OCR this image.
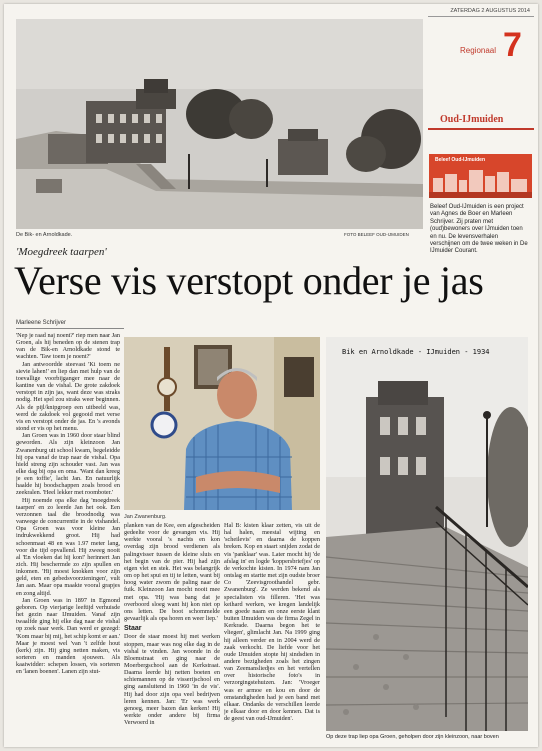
De Bik- en Arnoldkade.	FOTO BELEEF OUD-IJMUIDEN
ZATERDAG 2 AUGUSTUS 2014
Regionaal 7
Oud-IJmuiden
Beleef Oud-IJmuiden
Beleef Oud-IJmuiden is een project van Agnes de Boer en Marleen Schrijver. Zij praten met (oud)bewoners over IJmuiden toen en nu. De levensverhalen verschijnen om de twee weken in De IJmuider Courant.
'Moegdreek taarpen'
Verse vis verstopt onder je jas
Marleene Schrijver

'Nep je raad naj noent?' riep men naar Jan Groen, als hij beneden op de stenen trap van de Bik-en Arnoldkade stond te wachten. 'Taw toem je noent?'

Jan antwoordde steevast 'Ki toem ne sievie lahen!' en liep dan met hulp van de toevallige voorbijganger mee naar de kantine van de vishal. De grote zakdoek verstopt in zijn jas, want deze was straks nodig. Het spel zou straks weer beginnen. Als de pijl/knipgroep een uitbeeld was, werd de zakdoek vol gegooid met verse vis en verstopt onder de jas. En 's avonds stond er vis op het menu.

Jan Groen was in 1960 door staar blind geworden. Als zijn kleinzoon Jan Zwanenburg uit school kwam, begeleidde hij opa vanaf de trap naar de vishal. Opa hield streng zijn schouder vast. Jan was elke dag bij opa en oma. 'Want dan kreeg je een toffie', lacht Jan. En natuurlijk haalde hij boodschappen zoals brood en zeekralen. 'Heel lekker met roomboter.'

Hij noemde opa elke dag 'moegdreek taarpen' en zo leerde Jan het ook. Een verzonnen taal die broodnodig was vanwege de concurrentie in de vishandel. Opa Groen was voor kleine Jan indrukwekkend groot. Hij had schoenmaat 48 en was 1.97 meter lang, voor die tijd opvallend. Hij zweeg nooit al 'En vloeken dat hij kon!' herinnert Jan zich. Hij beschermde zo zijn spullen en inkomen. 'Hij moest knokken voor zijn geld, eten en gebedsvoorzieningen', vult Jan aan. Maar opa maakte vooral grapjes en zong altijd.

Jan Groen was in 1897 in Egmond geboren. Op vierjarige leeftijd verhuisde het gezin naar IJmuiden. Vanaf zijn twaalfde ging hij elke dag naar de vishal op zoek naar werk. Dan werd er gezegd: 'Kom maar bij mij, het schip komt er aan.' Maar je moest wel 'van 't zelfde hout (kerk) zijn. Hij ging netten maken, vis sorteren en manden sjouwen. Als kaaiwidder: schepen lossen, vis sorteren en 'lanen boenen'. Lanen zijn stut-

Jan Zwanenburg.

planken van de Kee, een afgescheiden gedeelte voor de gevangen vis. Hij werkte vooral 's nachts en kon overdag zijn brood verdienen als palingvisser tussen de kleine sluis en het begin van de pier. Hij had zijn eigen vlet en stek. Het was belangrijk om op het spui en tij te letten, want bij hoog water zwom de paling naar de fuik. Kleinzoon Jan mocht nooit mee met opa. 'Hij was bang dat je overboord sloeg want hij kon niet op ons letten. De boot schommelde gevaarlijk als opa horen en weer liep.'

Staar

Door de staar moest hij met werken stoppen, maar was nog elke dag in de vishal te vinden. Jan woonde in de Bloemstraat en ging naar de Moerbergschool aan de Kerkstraat. Daarna leerde hij netten boeten en schiemannen op de visserijschool en ging aansluitend in 1960 'in de vis'. Hij had door zijn opa veel bedrijven leren kennen. Jan: 'Er was werk genoeg, meer bazen dan kerken! Hij werkte onder andere bij firma Verwoerd in

Hal B: kisten klaar zetten, vis uit de hal halen, meestal wijting en 'scheilevis' en daarna de koppen breken. Kop en staart snijden zodat de vis 'panklaar' was. Later mocht hij 'de afslag in' en logde 'koppersbriefjes' op de verkochte kisten. In 1974 nam Jan ontslag en startte met zijn oudste broer Co 'Zeevisgroothandel gebr. Zwanenburg'. Ze werden bekend als specialisten vis filleren. 'Het was keihard werken, we kregen landelijk een goede naam en onze eerste klant buiten IJmuiden was de firma Zegel in Kerkrade. Daarna begon het te vliegen', glimlacht Jan. Na 1999 ging hij alleen verder en in 2004 werd de zaak verkocht. De liefde voor het oude IJmuiden stopte hij sindsdien in andere bezigheden zoals het zingen van Zeemansliedjes en het vertellen over historische foto's in verzorgingstehuizen. Jan: 'Vroeger was er armoe en kou en door de omstandigheden had je een band met elkaar. Ondanks de verschillen leerde je elkaar door en door kennen. Dat is de geest van oud-IJmuiden'.

Bik en Arnoldkade - IJmuiden - 1934
Op deze trap liep opa Groen, geholpen door zijn kleinzoon, naar boven
